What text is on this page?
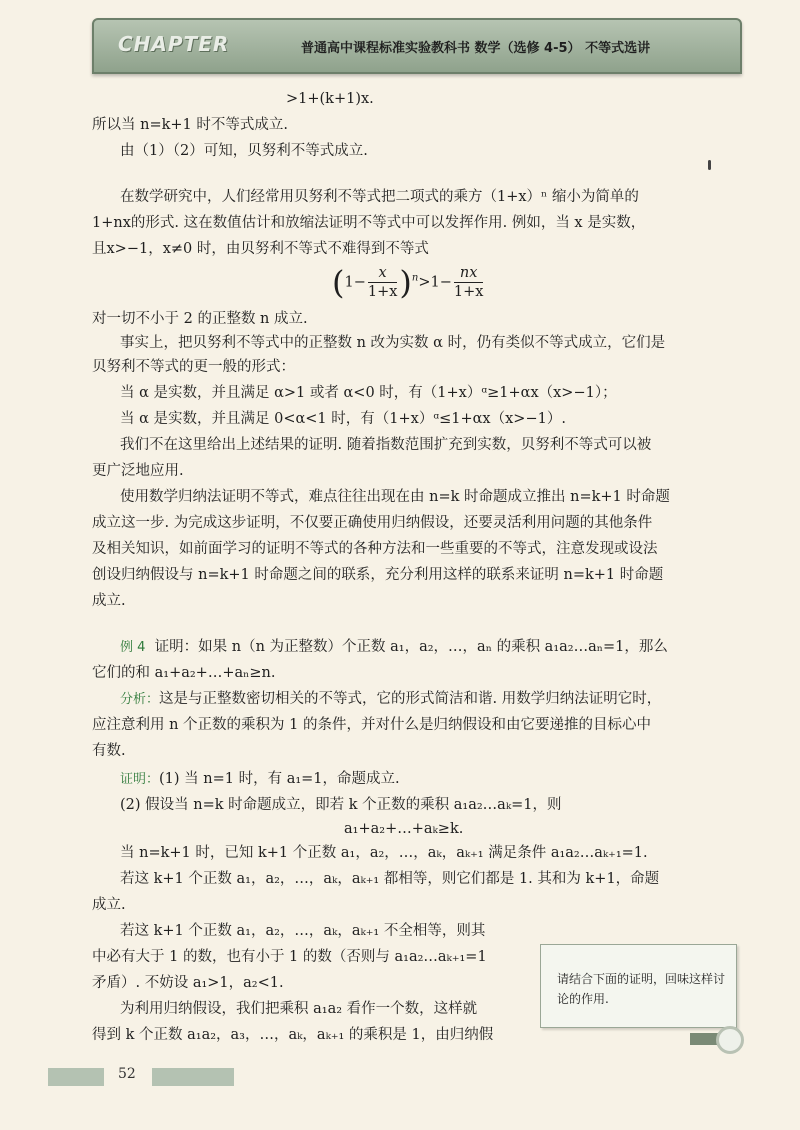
CHAPTER	普通高中课程标准实验教科书 数学（选修 4-5） 不等式选讲
>1+(k+1)x.
所以当 n=k+1 时不等式成立.
由（1）（2）可知，贝努利不等式成立.
在数学研究中，人们经常用贝努利不等式把二项式的乘方（1+x）ⁿ 缩小为简单的
1+nx的形式. 这在数值估计和放缩法证明不等式中可以发挥作用. 例如，当 x 是实数，
且x>−1，x≠0 时，由贝努利不等式不难得到不等式
$(1- \frac{x}{1+x} )^n>1- \frac{nx}{1+x}$
对一切不小于 2 的正整数 n 成立.
事实上，把贝努利不等式中的正整数 n 改为实数 α 时，仍有类似不等式成立，它们是
贝努利不等式的更一般的形式：
当 α 是实数，并且满足 α>1 或者 α<0 时，有（1+x）ᵅ≥1+αx（x>−1）；
当 α 是实数，并且满足 0<α<1 时，有（1+x）ᵅ≤1+αx（x>−1）.
我们不在这里给出上述结果的证明. 随着指数范围扩充到实数，贝努利不等式可以被
更广泛地应用.
使用数学归纳法证明不等式，难点往往出现在由 n=k 时命题成立推出 n=k+1 时命题
成立这一步. 为完成这步证明，不仅要正确使用归纳假设，还要灵活利用问题的其他条件
及相关知识，如前面学习的证明不等式的各种方法和一些重要的不等式，注意发现或设法
创设归纳假设与 n=k+1 时命题之间的联系，充分利用这样的联系来证明 n=k+1 时命题
成立.
例 4 证明：如果 n（n 为正整数）个正数 a₁，a₂，…，aₙ 的乘积 a₁a₂…aₙ=1，那么
它们的和 a₁+a₂+…+aₙ≥n.
分析：这是与正整数密切相关的不等式，它的形式简洁和谐. 用数学归纳法证明它时，
应注意利用 n 个正数的乘积为 1 的条件，并对什么是归纳假设和由它要递推的目标心中
有数.
证明：(1) 当 n=1 时，有 a₁=1，命题成立.
(2) 假设当 n=k 时命题成立，即若 k 个正数的乘积 a₁a₂…aₖ=1，则
a₁+a₂+…+aₖ≥k.
当 n=k+1 时，已知 k+1 个正数 a₁，a₂，…，aₖ，aₖ₊₁ 满足条件 a₁a₂…aₖ₊₁=1.
若这 k+1 个正数 a₁，a₂，…，aₖ，aₖ₊₁ 都相等，则它们都是 1. 其和为 k+1，命题
成立.
若这 k+1 个正数 a₁，a₂，…，aₖ，aₖ₊₁ 不全相等，则其
中必有大于 1 的数，也有小于 1 的数（否则与 a₁a₂…aₖ₊₁=1
矛盾）. 不妨设 a₁>1，a₂<1.
为利用归纳假设，我们把乘积 a₁a₂ 看作一个数，这样就
得到 k 个正数 a₁a₂，a₃，…，aₖ，aₖ₊₁ 的乘积是 1，由归纳假
请结合下面的证明，回味这样讨论的作用.
52
